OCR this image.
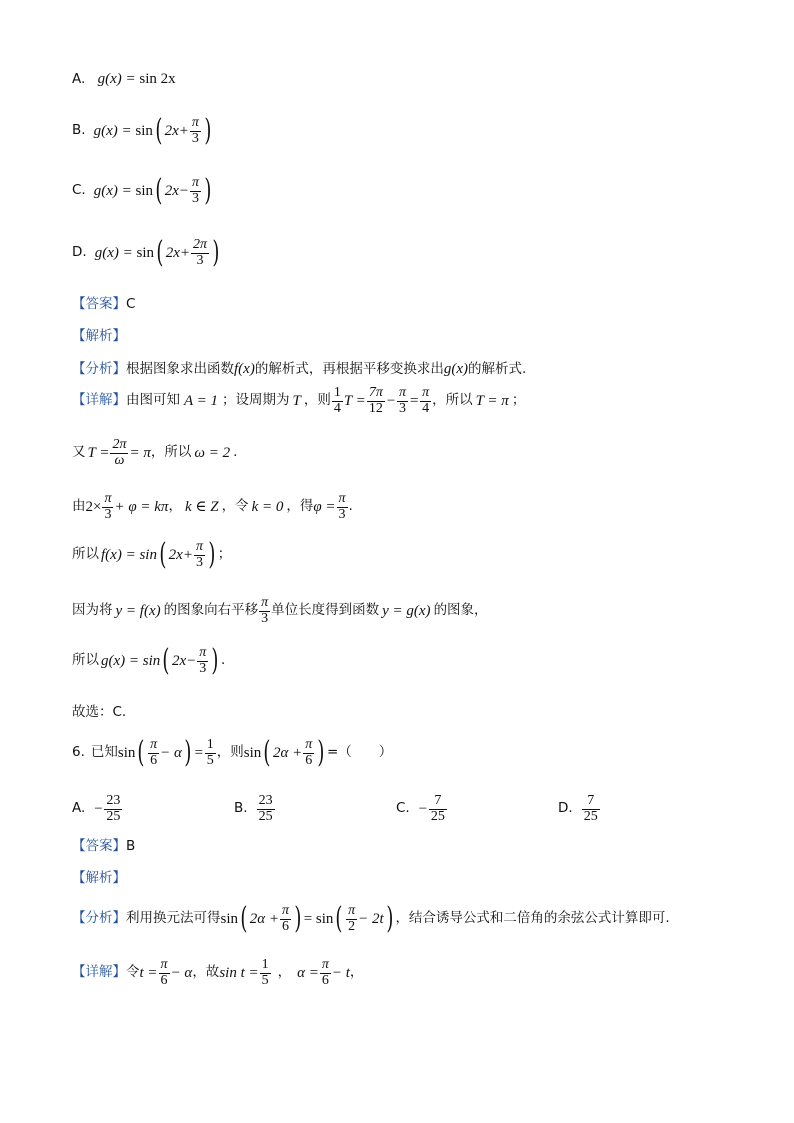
A. g(x) = sin 2x
B. g(x) = sin ( $2x+ \frac{\pi}{3}$ )
C. g(x) = sin ( $2x- \frac{\pi}{3}$ )
D. g(x) = sin ( $2x+ \frac{2\pi}{3}$ )
【答案】C
【解析】
【分析】根据图象求出函数f(x)的解析式，再根据平移变换求出g(x)的解析式.
【详解】 由图可知 A = 1 ；设周期为 T ，则 $\frac{1}{4}$ $T = \frac{7\pi}{12} - \frac{\pi}{3} = \frac{\pi}{4}$ ，所以 T = π ；
又 $T = \frac{2\pi}{\omega} = \pi$ ，所以 ω = 2 .
由 $2\times \frac{\pi}{3} + \varphi = k\pi$ ， k ∈ Z ，令 k = 0 ，得 $\varphi = \frac{\pi}{3}$ .
所以 f(x) = sin ( $2x+ \frac{\pi}{3}$ ) ；
因为将 y = f(x) 的图象向右平移 $\frac{\pi}{3}$ 单位长度得到函数 y = g(x) 的图象，
所以 g(x) = sin ( $2x- \frac{\pi}{3}$ ) .
故选：C.
6. 已知 sin ( $\frac{\pi}{6} - \alpha$ ) = $\frac{1}{5}$ ，则 sin ( $2\alpha + \frac{\pi}{6}$ ) =（　　）
A. − $\frac{23}{25}$	B. $\frac{23}{25}$	C. − $\frac{7}{25}$	D. $\frac{7}{25}$
【答案】B
【解析】
【分析】 利用换元法可得 sin ( $2\alpha + \frac{\pi}{6}$ ) = sin ( $\frac{\pi}{2} - 2t$ ) ，结合诱导公式和二倍角的余弦公式计算即可.
【详解】 令 $t = \frac{\pi}{6} - \alpha$ ，故 $\sin t = \frac{1}{5}$ ， $\alpha = \frac{\pi}{6} - t$ ，
